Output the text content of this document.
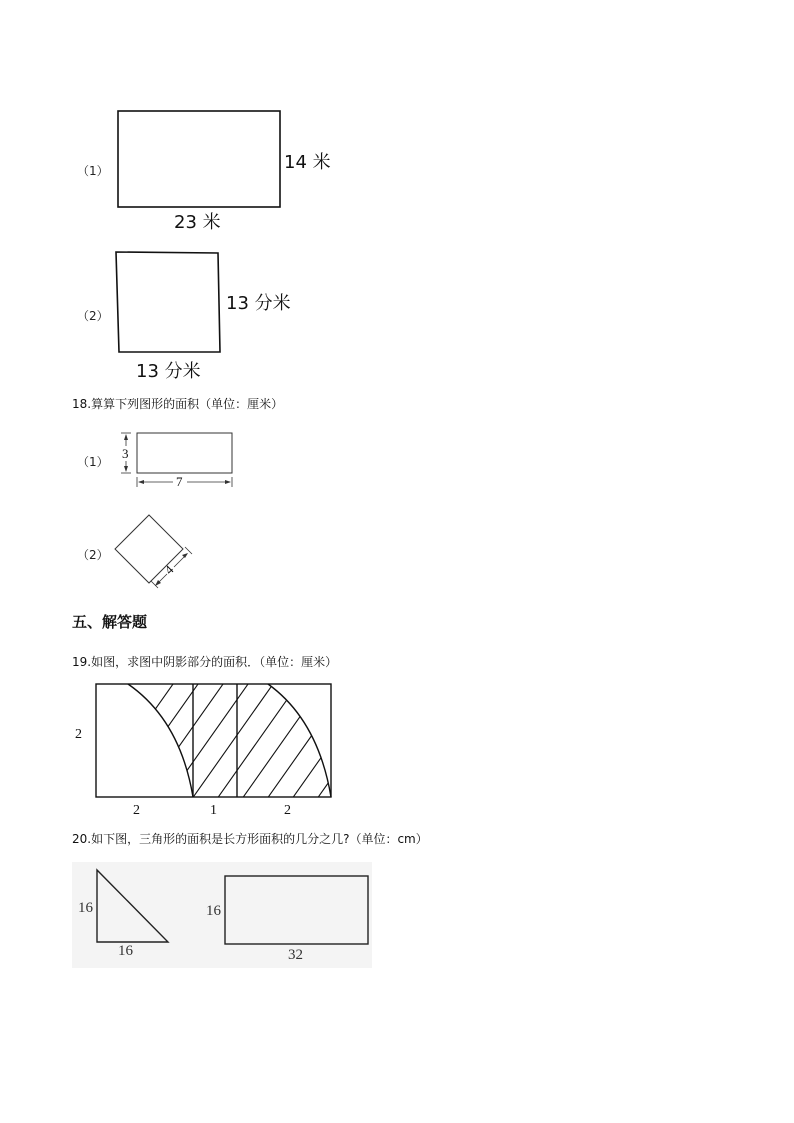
（1）	14 米
23 米
（2）
13 分米
13 分米
18.算算下列图形的面积（单位：厘米）
（1）
3
7
（2）
4
五、解答题
19.如图，求图中阴影部分的面积．（单位：厘米）
2
2	1	2
20.如下图，三角形的面积是长方形面积的几分之几?（单位：cm）
16
16
16
32
